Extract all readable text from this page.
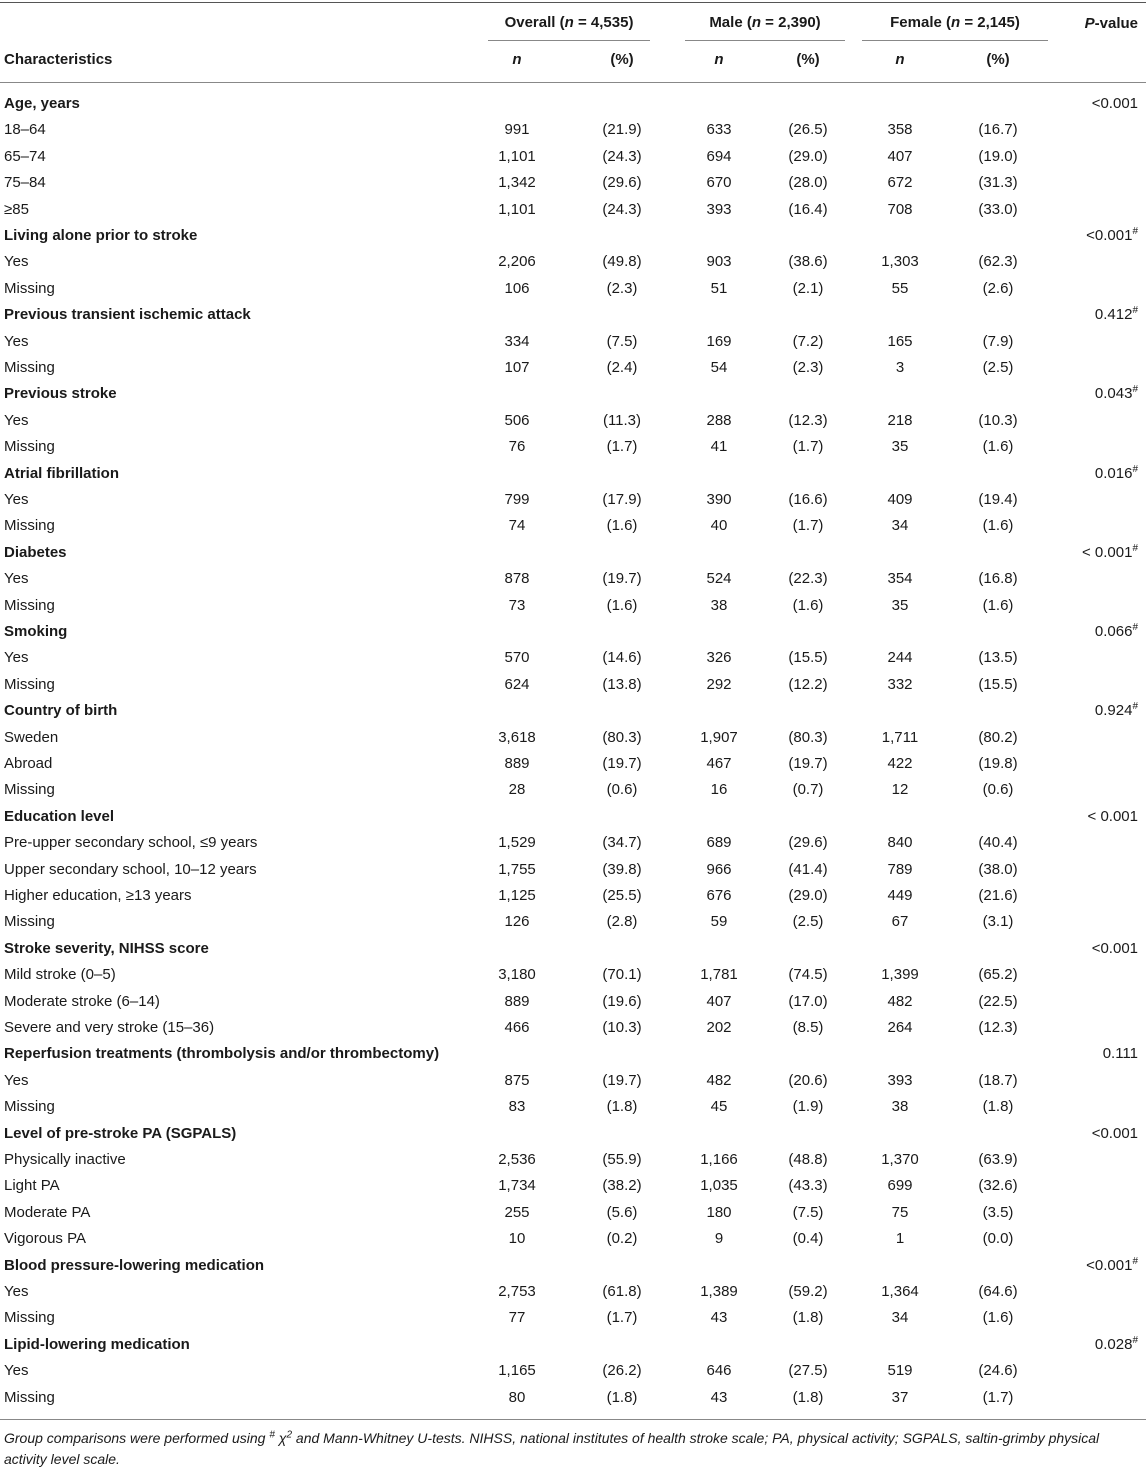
Overall (n = 4,535)	Male (n = 2,390)	Female (n = 2,145)	P-value
Characteristics	n	(%)	n	(%)	n	(%)
Age, years	<0.001
18–64	991	(21.9)	633	(26.5)	358	(16.7)
65–74	1,101	(24.3)	694	(29.0)	407	(19.0)
75–84	1,342	(29.6)	670	(28.0)	672	(31.3)
≥85	1,101	(24.3)	393	(16.4)	708	(33.0)
Living alone prior to stroke	<0.001#
Yes	2,206	(49.8)	903	(38.6)	1,303	(62.3)
Missing	106	(2.3)	51	(2.1)	55	(2.6)
Previous transient ischemic attack	0.412#
Yes	334	(7.5)	169	(7.2)	165	(7.9)
Missing	107	(2.4)	54	(2.3)	3	(2.5)
Previous stroke	0.043#
Yes	506	(11.3)	288	(12.3)	218	(10.3)
Missing	76	(1.7)	41	(1.7)	35	(1.6)
Atrial fibrillation	0.016#
Yes	799	(17.9)	390	(16.6)	409	(19.4)
Missing	74	(1.6)	40	(1.7)	34	(1.6)
Diabetes	< 0.001#
Yes	878	(19.7)	524	(22.3)	354	(16.8)
Missing	73	(1.6)	38	(1.6)	35	(1.6)
Smoking	0.066#
Yes	570	(14.6)	326	(15.5)	244	(13.5)
Missing	624	(13.8)	292	(12.2)	332	(15.5)
Country of birth	0.924#
Sweden	3,618	(80.3)	1,907	(80.3)	1,711	(80.2)
Abroad	889	(19.7)	467	(19.7)	422	(19.8)
Missing	28	(0.6)	16	(0.7)	12	(0.6)
Education level	< 0.001
Pre-upper secondary school, ≤9 years	1,529	(34.7)	689	(29.6)	840	(40.4)
Upper secondary school, 10–12 years	1,755	(39.8)	966	(41.4)	789	(38.0)
Higher education, ≥13 years	1,125	(25.5)	676	(29.0)	449	(21.6)
Missing	126	(2.8)	59	(2.5)	67	(3.1)
Stroke severity, NIHSS score	<0.001
Mild stroke (0–5)	3,180	(70.1)	1,781	(74.5)	1,399	(65.2)
Moderate stroke (6–14)	889	(19.6)	407	(17.0)	482	(22.5)
Severe and very stroke (15–36)	466	(10.3)	202	(8.5)	264	(12.3)
Reperfusion treatments (thrombolysis and/or thrombectomy)	0.111
Yes	875	(19.7)	482	(20.6)	393	(18.7)
Missing	83	(1.8)	45	(1.9)	38	(1.8)
Level of pre-stroke PA (SGPALS)	<0.001
Physically inactive	2,536	(55.9)	1,166	(48.8)	1,370	(63.9)
Light PA	1,734	(38.2)	1,035	(43.3)	699	(32.6)
Moderate PA	255	(5.6)	180	(7.5)	75	(3.5)
Vigorous PA	10	(0.2)	9	(0.4)	1	(0.0)
Blood pressure-lowering medication	<0.001#
Yes	2,753	(61.8)	1,389	(59.2)	1,364	(64.6)
Missing	77	(1.7)	43	(1.8)	34	(1.6)
Lipid-lowering medication	0.028#
Yes	1,165	(26.2)	646	(27.5)	519	(24.6)
Missing	80	(1.8)	43	(1.8)	37	(1.7)
Group comparisons were performed using # $\chi^2$ and Mann-Whitney U-tests. NIHSS, national institutes of health stroke scale; PA, physical activity; SGPALS, saltin-grimby physical activity level scale.
